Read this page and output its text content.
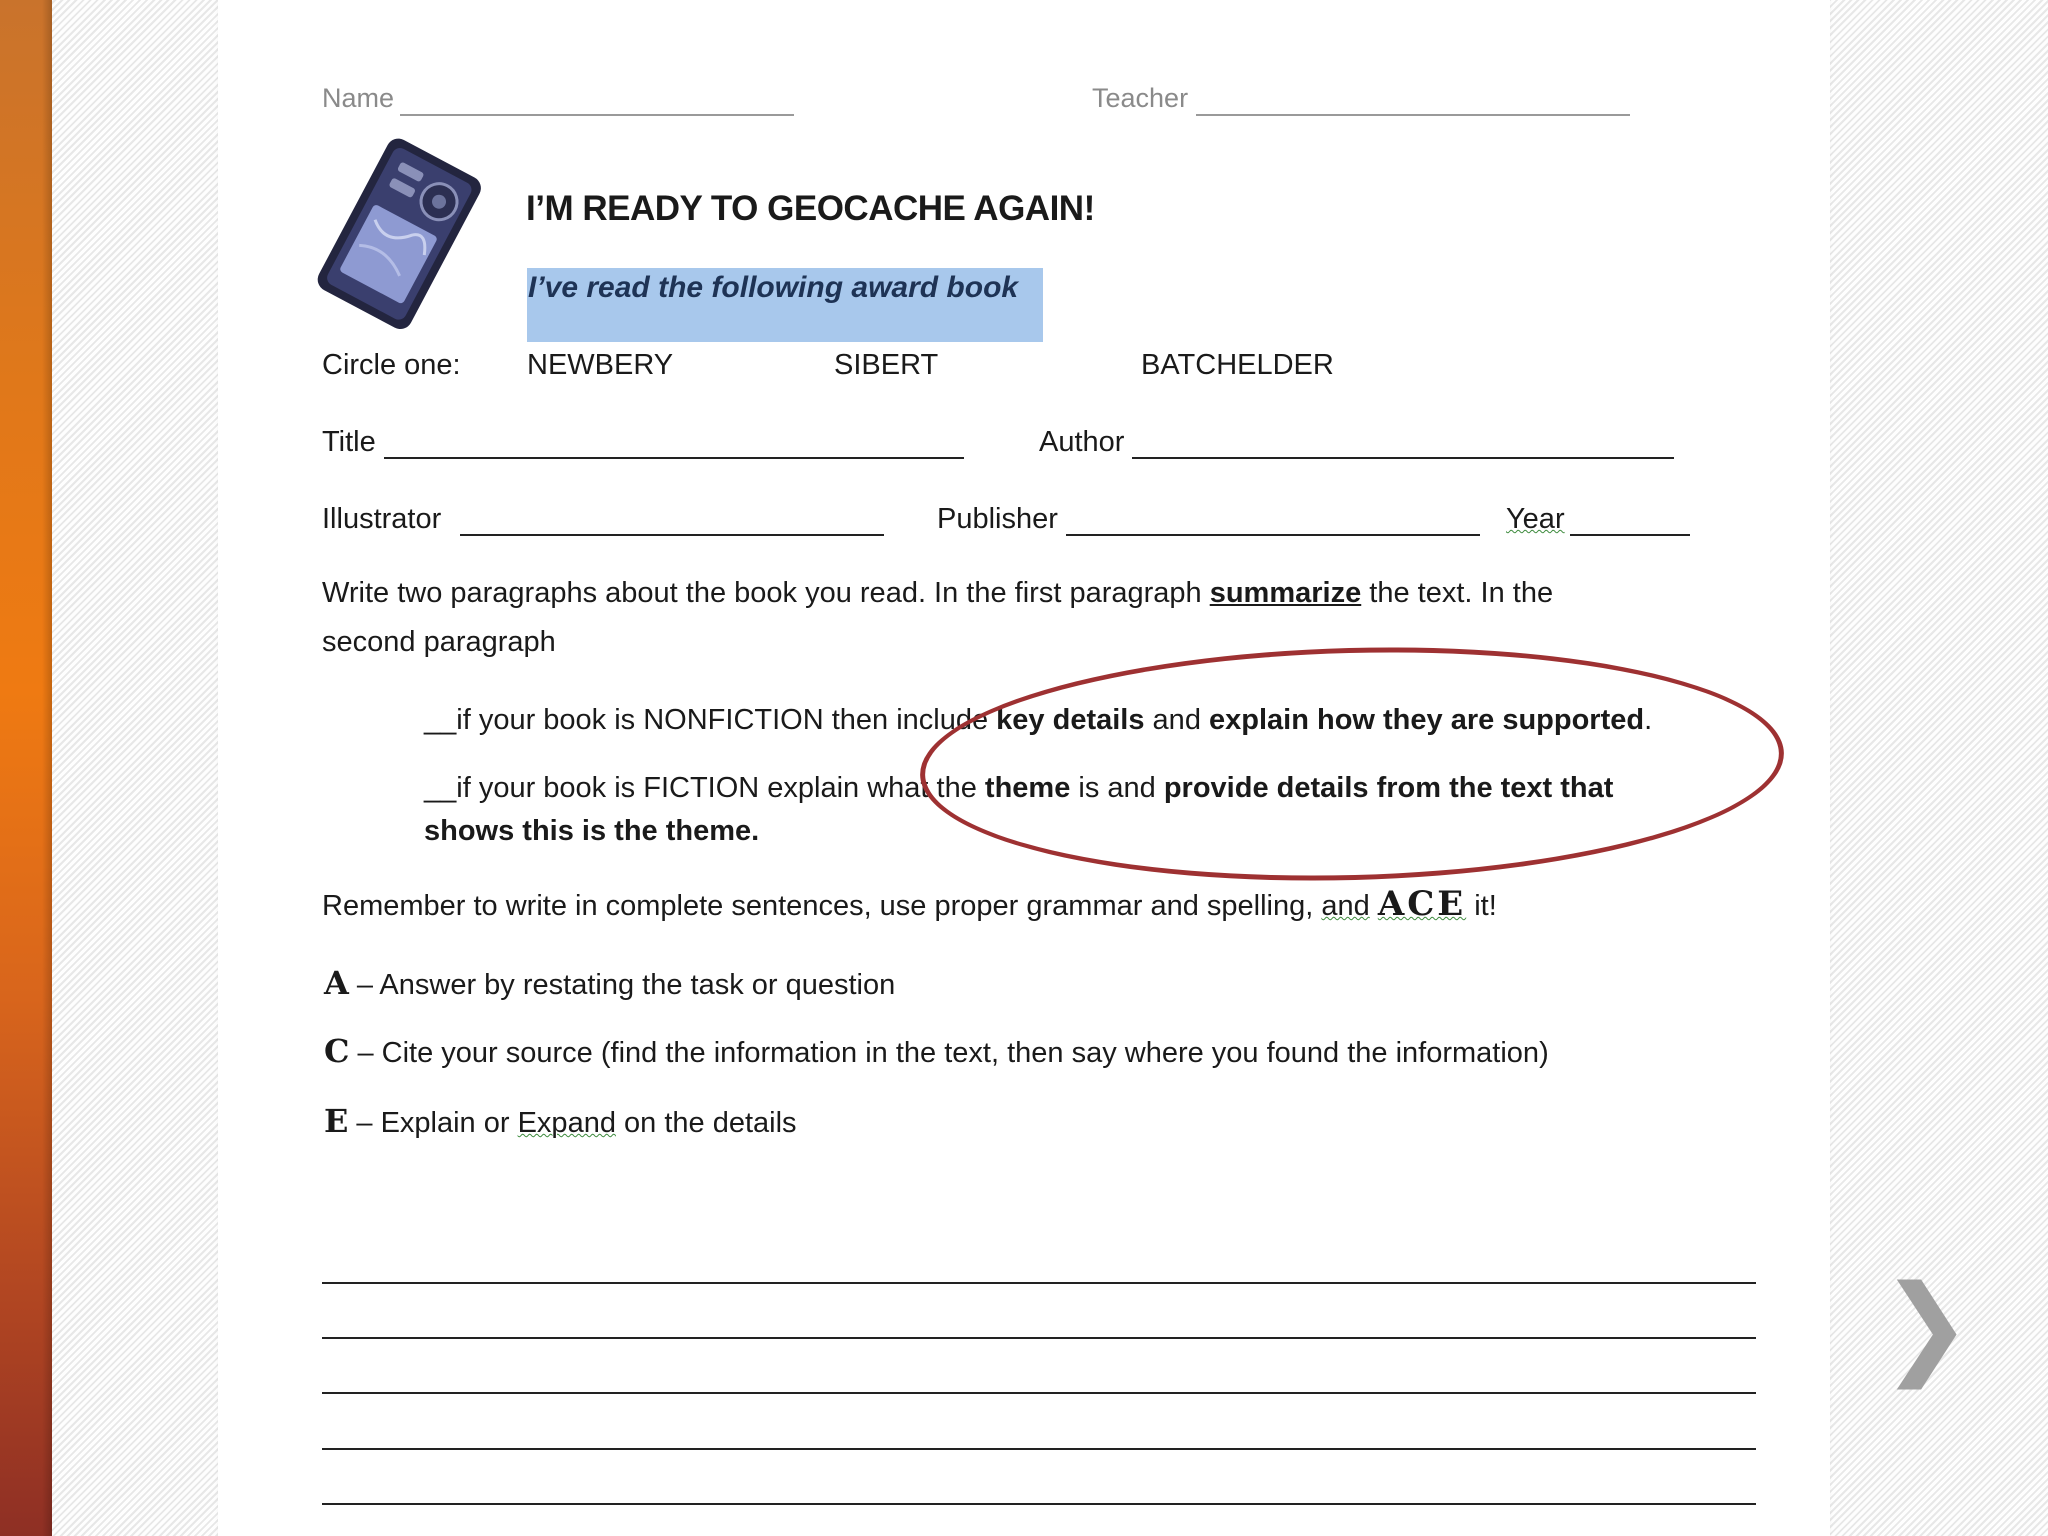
Name	Teacher
I’M READY TO GEOCACHE AGAIN!
I’ve read the following award book
Circle one: NEWBERY	SIBERT	BATCHELDER
Title	Author
Illustrator	Publisher	Year
Write two paragraphs about the book you read. In the first paragraph summarize the text. In the
second paragraph
__if your book is NONFICTION then include key details and explain how they are supported.
__if your book is FICTION explain what the theme is and provide details from the text that
shows this is the theme.
Remember to write in complete sentences, use proper grammar and spelling, and ACE it!
A – Answer by restating the task or question
C – Cite your source (find the information in the text, then say where you found the information)
E – Explain or Expand on the details
❯
